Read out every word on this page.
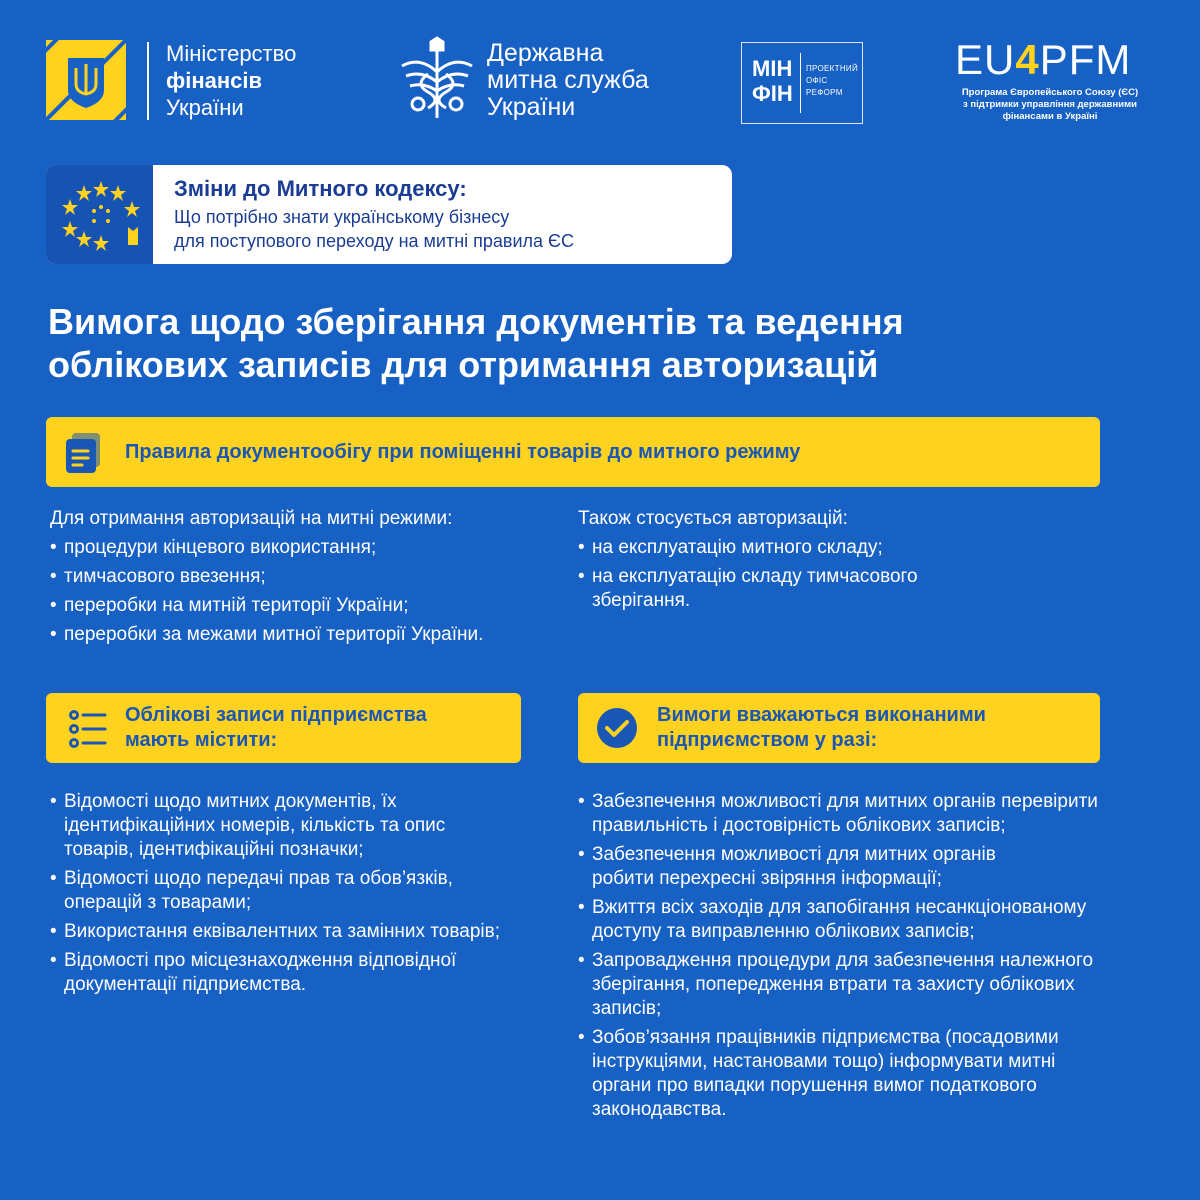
Міністерство
фінансів
України
Державна
митна служба
України
МІН
ФІН
ПРОЕКТНИЙ
ОФІС
РЕФОРМ
EU4PFM
Програма Європейського Союзу (ЄС)
з підтримки управління державними
фінансами в Україні
Зміни до Митного кодексу:
Що потрібно знати українському бізнесу
для поступового переходу на митні правила ЄС
Вимога щодо зберігання документів та ведення
облікових записів для отримання авторизацій
Правила документообігу при поміщенні товарів до митного режиму
Для отримання авторизацій на митні режими:
• процедури кінцевого використання;
• тимчасового ввезення;
• переробки на митній території України;
• переробки за межами митної території України.
Також стосується авторизацій:
• на експлуатацію митного складу;
• на експлуатацію складу тимчасового зберігання.
Облікові записи підприємства
мають містити:
• Відомості щодо митних документів, їх ідентифікаційних номерів, кількість та опис товарів, ідентифікаційні позначки;
• Відомості щодо передачі прав та обов’язків, операцій з товарами;
• Використання еквівалентних та замінних товарів;
• Відомості про місцезнаходження відповідної документації підприємства.
Вимоги вважаються виконаними
підприємством у разі:
• Забезпечення можливості для митних органів перевірити правильність і достовірність облікових записів;
• Забезпечення можливості для митних органів робити перехресні звіряння інформації;
• Вжиття всіх заходів для запобігання несанкціонованому доступу та виправленню облікових записів;
• Запровадження процедури для забезпечення належного зберігання, попередження втрати та захисту облікових записів;
• Зобов’язання працівників підприємства (посадовими інструкціями, настановами тощо) інформувати митні органи про випадки порушення вимог податкового законодавства.
